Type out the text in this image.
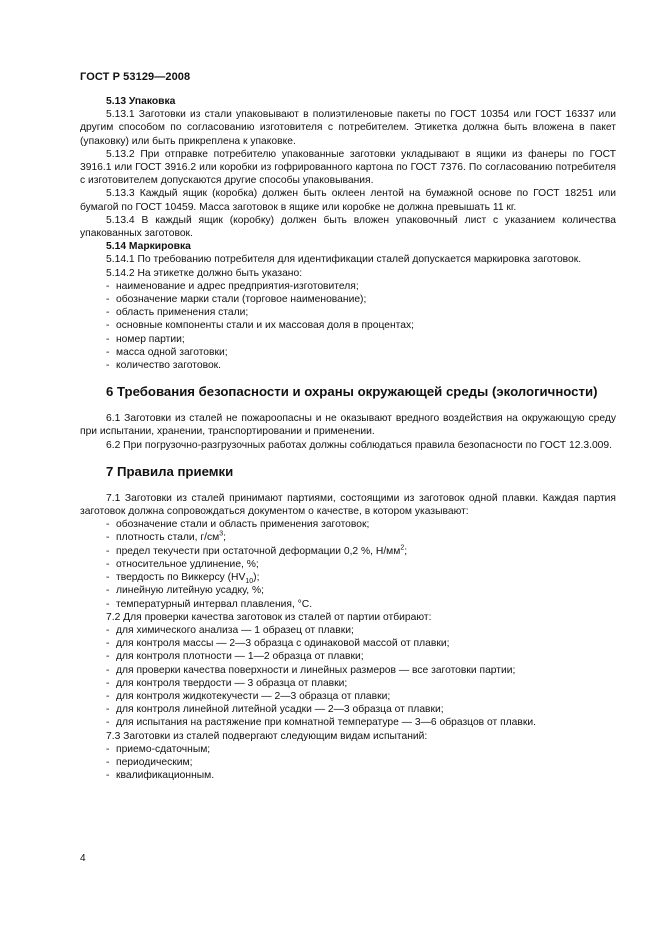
ГОСТ Р 53129—2008
5.13 Упаковка

5.13.1 Заготовки из стали упаковывают в полиэтиленовые пакеты по ГОСТ 10354 или ГОСТ 16337 или другим способом по согласованию изготовителя с потребителем. Этикетка должна быть вложена в пакет (упаковку) или быть прикреплена к упаковке.

5.13.2 При отправке потребителю упакованные заготовки укладывают в ящики из фанеры по ГОСТ 3916.1 или ГОСТ 3916.2 или коробки из гофрированного картона по ГОСТ 7376. По согласованию потребителя с изготовителем допускаются другие способы упаковывания.

5.13.3 Каждый ящик (коробка) должен быть оклеен лентой на бумажной основе по ГОСТ 18251 или бумагой по ГОСТ 10459. Масса заготовок в ящике или коробке не должна превышать 11 кг.

5.13.4 В каждый ящик (коробку) должен быть вложен упаковочный лист с указанием количества упакованных заготовок.

5.14 Маркировка

5.14.1 По требованию потребителя для идентификации сталей допускается маркировка заготовок.

5.14.2 На этикетке должно быть указано:

- наименование и адрес предприятия-изготовителя;
- обозначение марки стали (торговое наименование);
- область применения стали;
- основные компоненты стали и их массовая доля в процентах;
- номер партии;
- масса одной заготовки;
- количество заготовок.
6 Требования безопасности и охраны окружающей среды (экологичности)

6.1 Заготовки из сталей не пожароопасны и не оказывают вредного воздействия на окружающую среду при испытании, хранении, транспортировании и применении.

6.2 При погрузочно-разгрузочных работах должны соблюдаться правила безопасности по ГОСТ 12.3.009.

7 Правила приемки

7.1 Заготовки из сталей принимают партиями, состоящими из заготовок одной плавки. Каждая партия заготовок должна сопровождаться документом о качестве, в котором указывают:

- обозначение стали и область применения заготовок;
- плотность стали, $г/см^3$;
- предел текучести при остаточной деформации 0,2 %, $Н/мм^2$;
- относительное удлинение, %;
- твердость по Виккерсу $(HV_{10})$;
- линейную литейную усадку, %;
- температурный интервал плавления, °С.

7.2 Для проверки качества заготовок из сталей от партии отбирают:

- для химического анализа — 1 образец от плавки;
- для контроля массы — 2—3 образца с одинаковой массой от плавки;
- для контроля плотности — 1—2 образца от плавки;
- для проверки качества поверхности и линейных размеров — все заготовки партии;
- для контроля твердости — 3 образца от плавки;
- для контроля жидкотекучести — 2—3 образца от плавки;
- для контроля линейной литейной усадки — 2—3 образца от плавки;
- для испытания на растяжение при комнатной температуре — 3—6 образцов от плавки.

7.3 Заготовки из сталей подвергают следующим видам испытаний:

- приемо-сдаточным;
- периодическим;
- квалификационным.
4
